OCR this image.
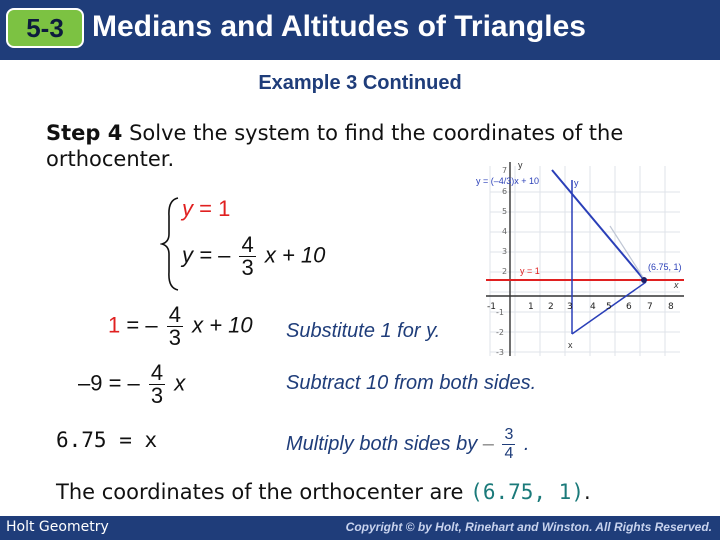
5-3 Medians and Altitudes of Triangles
Example 3 Continued
Step 4 Solve the system to find the coordinates of the orthocenter.
y = 1
y = – $\frac{4}{3}$ x + 10
1 = – $\frac{4}{3}$ x + 10
–9 = – $\frac{4}{3}$ x
6.75 = x
Substitute 1 for y.
Subtract 10 from both sides.
Multiply both sides by – $\frac{3}{4}$ .
-1	1 2 3 4 5 6 7 8
7
6
5
4
3
2
-1
-2
-3
y
y = (–4/3)x + 10	y
y = 1	(6.75, 1)
x
x
The coordinates of the orthocenter are (6.75, 1).
Holt Geometry	Copyright © by Holt, Rinehart and Winston. All Rights Reserved.
